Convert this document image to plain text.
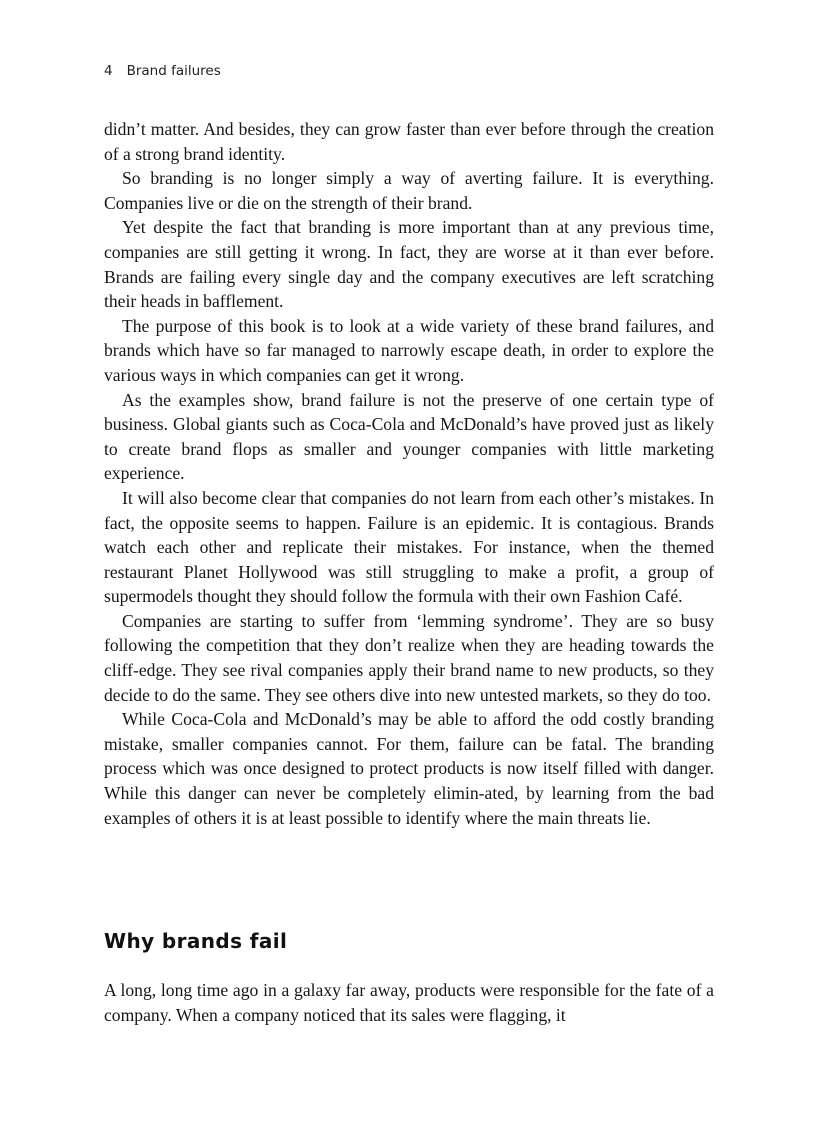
4 Brand failures

didn’t matter. And besides, they can grow faster than ever before through the creation of a strong brand identity.

So branding is no longer simply a way of averting failure. It is everything. Companies live or die on the strength of their brand.

Yet despite the fact that branding is more important than at any previous time, companies are still getting it wrong. In fact, they are worse at it than ever before. Brands are failing every single day and the company executives are left scratching their heads in bafflement.

The purpose of this book is to look at a wide variety of these brand failures, and brands which have so far managed to narrowly escape death, in order to explore the various ways in which companies can get it wrong.

As the examples show, brand failure is not the preserve of one certain type of business. Global giants such as Coca-Cola and McDonald’s have proved just as likely to create brand flops as smaller and younger companies with little marketing experience.

It will also become clear that companies do not learn from each other’s mistakes. In fact, the opposite seems to happen. Failure is an epidemic. It is contagious. Brands watch each other and replicate their mistakes. For instance, when the themed restaurant Planet Hollywood was still struggling to make a profit, a group of supermodels thought they should follow the formula with their own Fashion Café.

Companies are starting to suffer from ‘lemming syndrome’. They are so busy following the competition that they don’t realize when they are heading towards the cliff-edge. They see rival companies apply their brand name to new products, so they decide to do the same. They see others dive into new untested markets, so they do too.

While Coca-Cola and McDonald’s may be able to afford the odd costly branding mistake, smaller companies cannot. For them, failure can be fatal. The branding process which was once designed to protect products is now itself filled with danger. While this danger can never be completely elimin-ated, by learning from the bad examples of others it is at least possible to identify where the main threats lie.

Why brands fail

A long, long time ago in a galaxy far away, products were responsible for the fate of a company. When a company noticed that its sales were flagging, it
